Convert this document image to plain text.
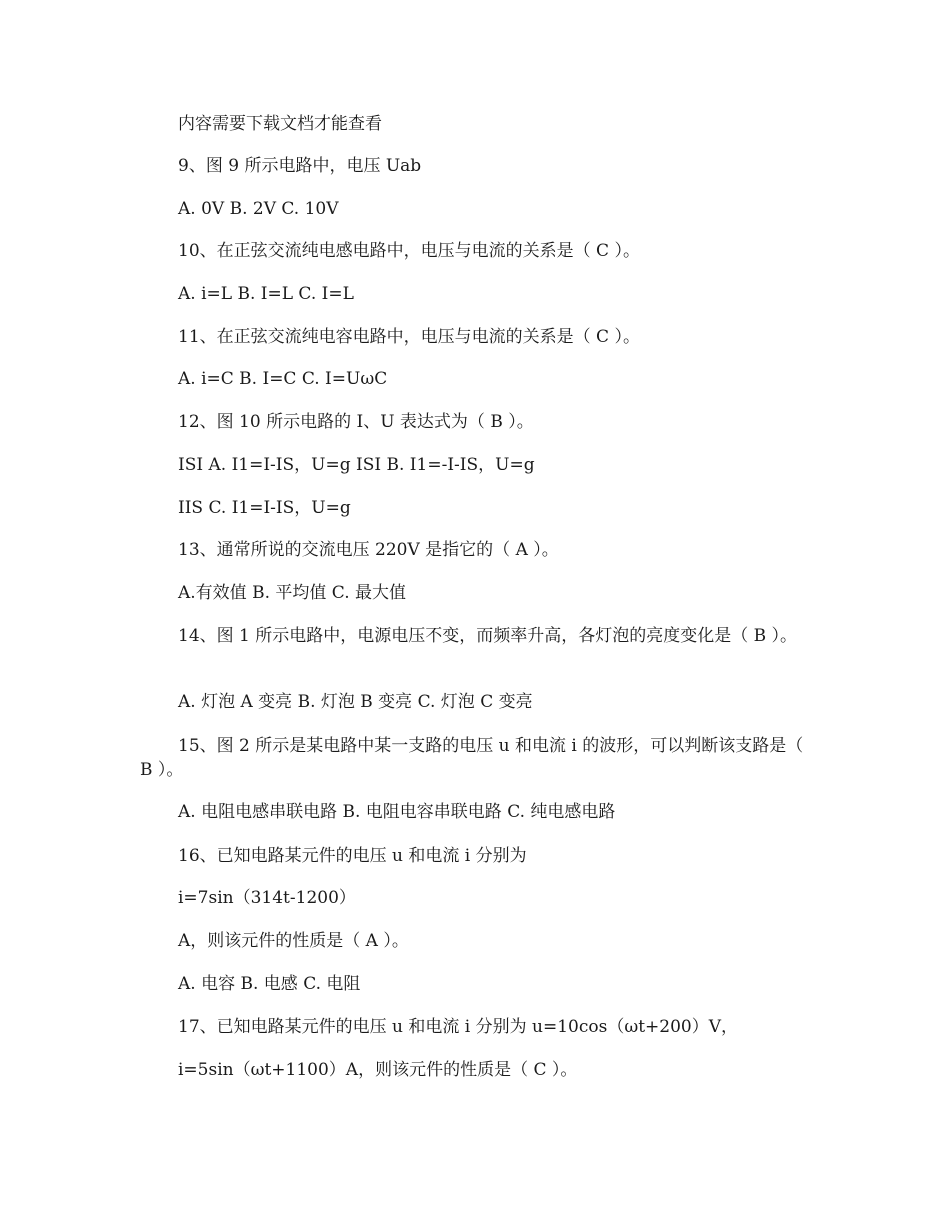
内容需要下载文档才能查看
9、图 9 所示电路中，电压 Uab
A. 0V B. 2V C. 10V
10、在正弦交流纯电感电路中，电压与电流的关系是（ C ）。
A. i=L B. I=L C. I=L
11、在正弦交流纯电容电路中，电压与电流的关系是（ C ）。
A. i=C B. I=C C. I=UωC
12、图 10 所示电路的 I、U 表达式为（ B ）。
ISI A. I1=I-IS，U=g ISI B. I1=-I-IS，U=g
IIS C. I1=I-IS，U=g
13、通常所说的交流电压 220V 是指它的（ A ）。
A.有效值 B. 平均值 C. 最大值
14、图 1 所示电路中，电源电压不变，而频率升高，各灯泡的亮度变化是（ B ）。
A. 灯泡 A 变亮 B. 灯泡 B 变亮 C. 灯泡 C 变亮
15、图 2 所示是某电路中某一支路的电压 u 和电流 i 的波形，可以判断该支路是（ B ）。
A. 电阻电感串联电路 B. 电阻电容串联电路 C. 纯电感电路
16、已知电路某元件的电压 u 和电流 i 分别为
i=7sin（314t-1200）
A，则该元件的性质是（ A ）。
A. 电容 B. 电感 C. 电阻
17、已知电路某元件的电压 u 和电流 i 分别为 u=10cos（ωt+200）V，
i=5sin（ωt+1100）A，则该元件的性质是（ C ）。
